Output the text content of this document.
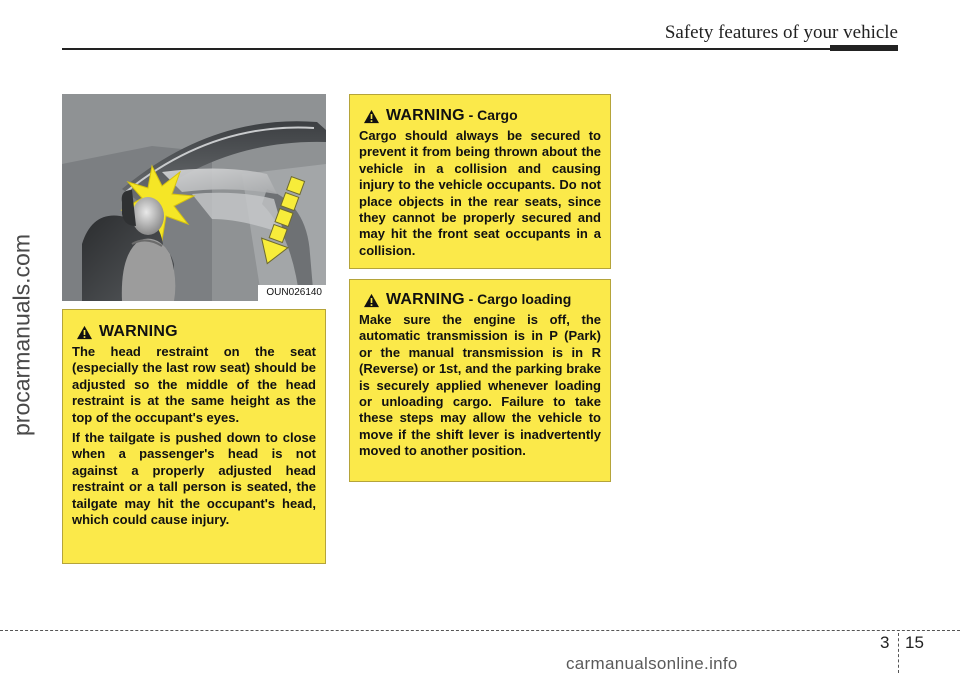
Safety features of your vehicle
procarmanuals.com	OUN026140
WARNING

The head restraint on the seat (especially the last row seat) should be adjusted so the middle of the head restraint is at the same height as the top of the occupant's eyes.

If the tailgate is pushed down to close when a passenger's head is not against a properly adjusted head restraint or a tall person is seated, the tailgate may hit the occupant's head, which could cause injury.

WARNING - Cargo

Cargo should always be secured to prevent it from being thrown about the vehicle in a collision and causing injury to the vehicle occupants. Do not place objects in the rear seats, since they cannot be properly secured and may hit the front seat occupants in a collision.

WARNING - Cargo loading

Make sure the engine is off, the automatic transmission is in P (Park) or the manual transmission is in R (Reverse) or 1st, and the parking brake is securely applied whenever loading or unloading cargo. Failure to take these steps may allow the vehicle to move if the shift lever is inadvertently moved to another position.

3 15
carmanualsonline.info
